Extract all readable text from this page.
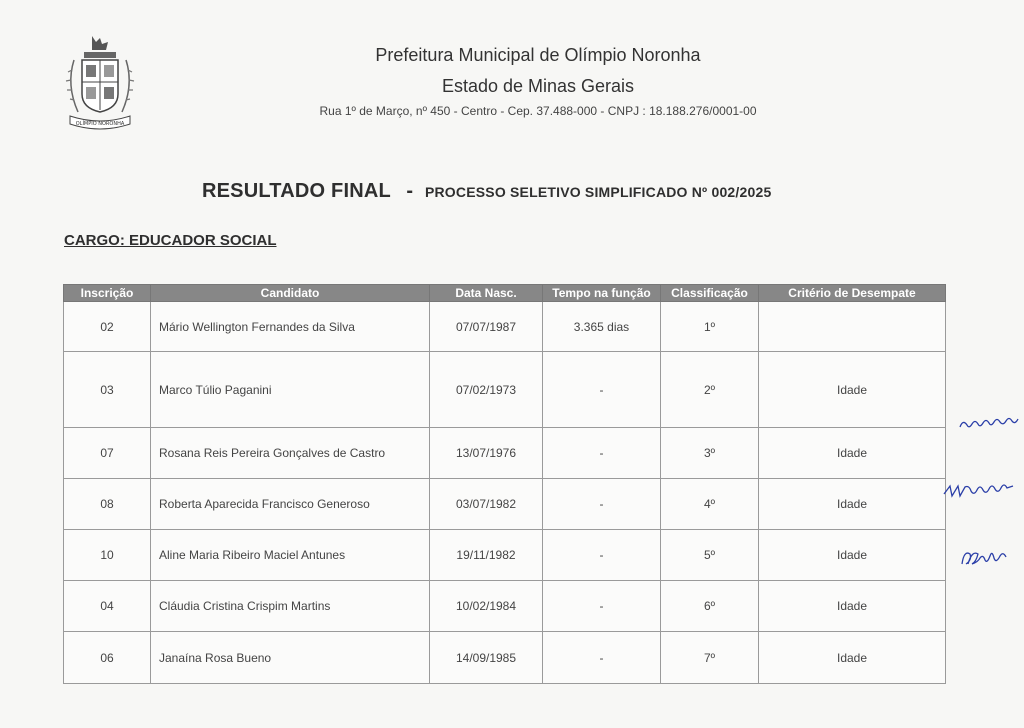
OLÍMPIO NORONHA
Prefeitura Municipal de Olímpio Noronha
Estado de Minas Gerais
Rua 1º de Março, nº 450 - Centro - Cep. 37.488-000 - CNPJ : 18.188.276/0001-00
RESULTADO FINAL - PROCESSO SELETIVO SIMPLIFICADO Nº 002/2025
CARGO: EDUCADOR SOCIAL
Inscrição	Candidato	Data Nasc.	Tempo na função	Classificação	Critério de Desempate
02	Mário Wellington Fernandes da Silva	07/07/1987	3.365 dias	1º	
03	Marco Túlio Paganini	07/02/1973	-	2º	Idade
07	Rosana Reis Pereira Gonçalves de Castro	13/07/1976	-	3º	Idade
08	Roberta Aparecida Francisco Generoso	03/07/1982	-	4º	Idade
10	Aline Maria Ribeiro Maciel Antunes	19/11/1982	-	5º	Idade
04	Cláudia Cristina Crispim Martins	10/02/1984	-	6º	Idade
06	Janaína Rosa Bueno	14/09/1985	-	7º	Idade
